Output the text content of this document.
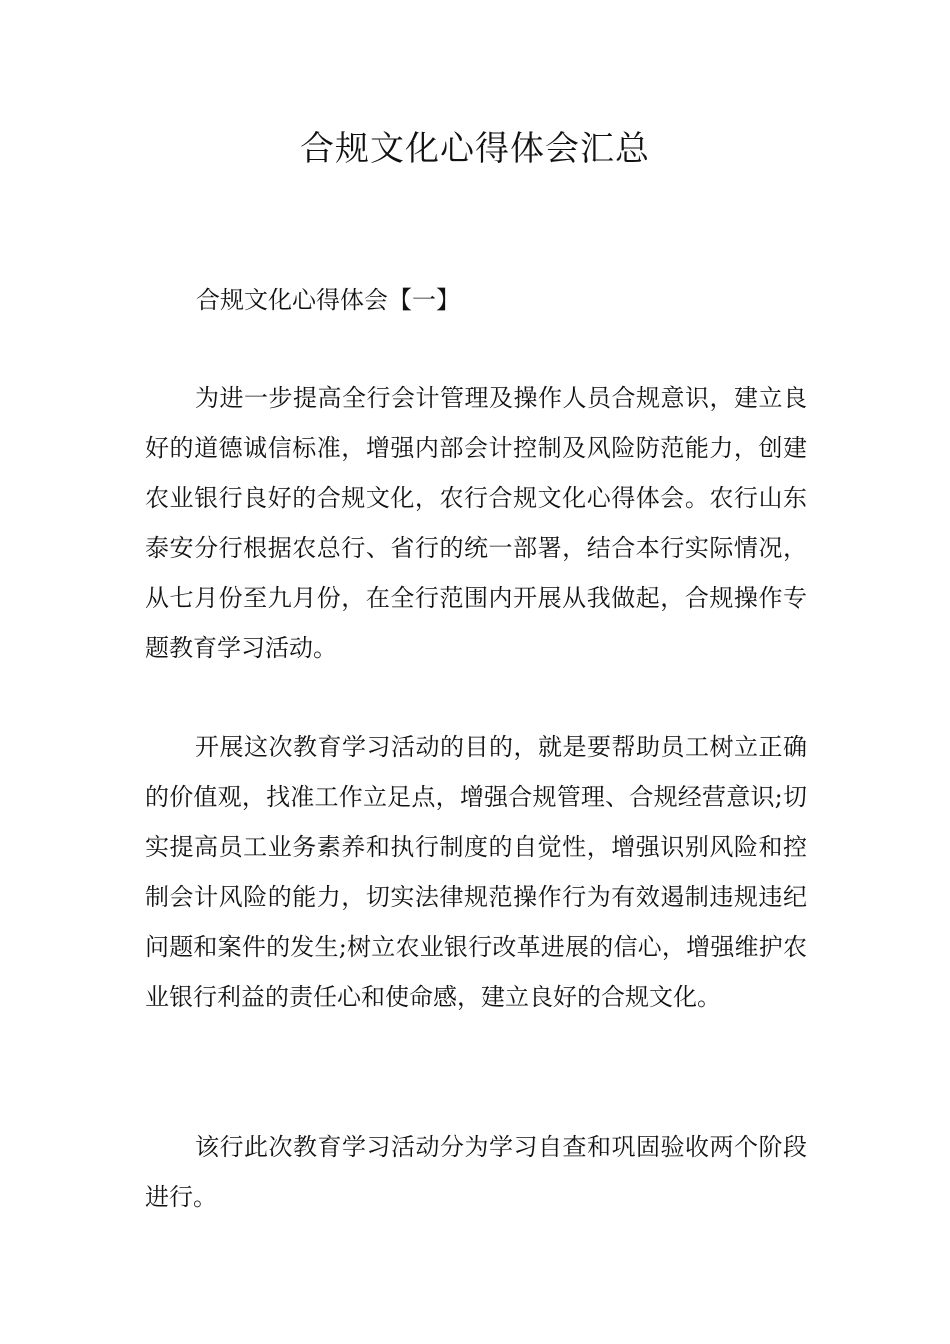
合规文化心得体会汇总

合规文化心得体会【一】

为进一步提高全行会计管理及操作人员合规意识，建立良好的道德诚信标准，增强内部会计控制及风险防范能力，创建农业银行良好的合规文化，农行合规文化心得体会。农行山东泰安分行根据农总行、省行的统一部署，结合本行实际情况，从七月份至九月份，在全行范围内开展从我做起，合规操作专题教育学习活动。

开展这次教育学习活动的目的，就是要帮助员工树立正确的价值观，找准工作立足点，增强合规管理、合规经营意识;切实提高员工业务素养和执行制度的自觉性，增强识别风险和控制会计风险的能力，切实法律规范操作行为有效遏制违规违纪问题和案件的发生;树立农业银行改革进展的信心，增强维护农业银行利益的责任心和使命感，建立良好的合规文化。

该行此次教育学习活动分为学习自查和巩固验收两个阶段进行。
